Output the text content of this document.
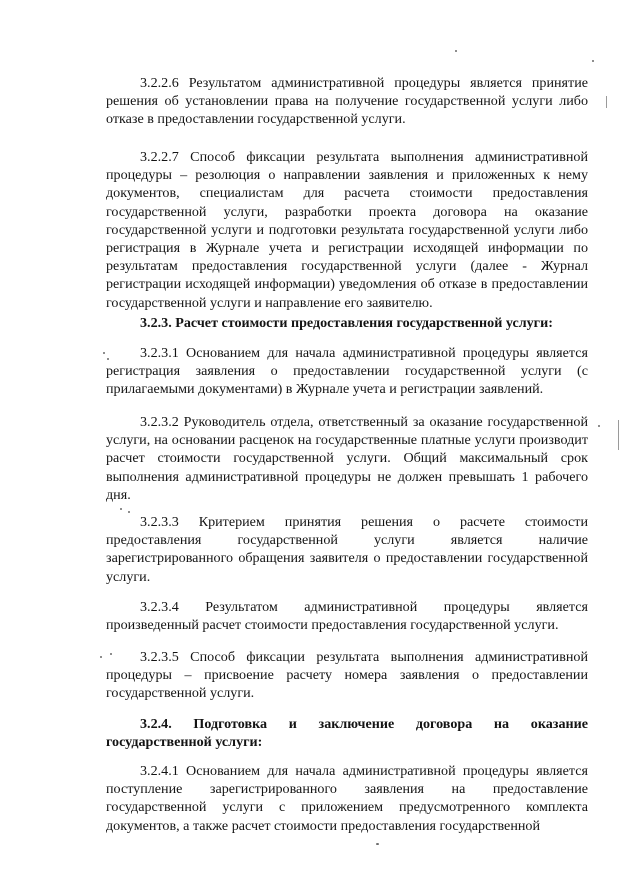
3.2.2.6 Результатом административной процедуры является принятие решения об установлении права на получение государственной услуги либо отказе в предоставлении государственной услуги.

3.2.2.7 Способ фиксации результата выполнения административной процедуры – резолюция о направлении заявления и приложенных к нему документов, специалистам для расчета стоимости предоставления государственной услуги, разработки проекта договора на оказание государственной услуги и подготовки результата государственной услуги либо регистрация в Журнале учета и регистрации исходящей информации по результатам предоставления государственной услуги (далее - Журнал регистрации исходящей информации) уведомления об отказе в предоставлении государственной услуги и направление его заявителю.

3.2.3. Расчет стоимости предоставления государственной услуги:

3.2.3.1 Основанием для начала административной процедуры является регистрация заявления о предоставлении государственной услуги (с прилагаемыми документами) в Журнале учета и регистрации заявлений.

3.2.3.2 Руководитель отдела, ответственный за оказание государственной услуги, на основании расценок на государственные платные услуги производит расчет стоимости государственной услуги. Общий максимальный срок выполнения административной процедуры не должен превышать 1 рабочего дня.

3.2.3.3 Критерием принятия решения о расчете стоимости предоставления государственной услуги является наличие зарегистрированного обращения заявителя о предоставлении государственной услуги.

3.2.3.4 Результатом административной процедуры является произведенный расчет стоимости предоставления государственной услуги.

3.2.3.5 Способ фиксации результата выполнения административной процедуры – присвоение расчету номера заявления о предоставлении государственной услуги.

3.2.4. Подготовка и заключение договора на оказание государственной услуги:

3.2.4.1 Основанием для начала административной процедуры является поступление зарегистрированного заявления на предоставление государственной услуги с приложением предусмотренного комплекта документов, а также расчет стоимости предоставления государственной
